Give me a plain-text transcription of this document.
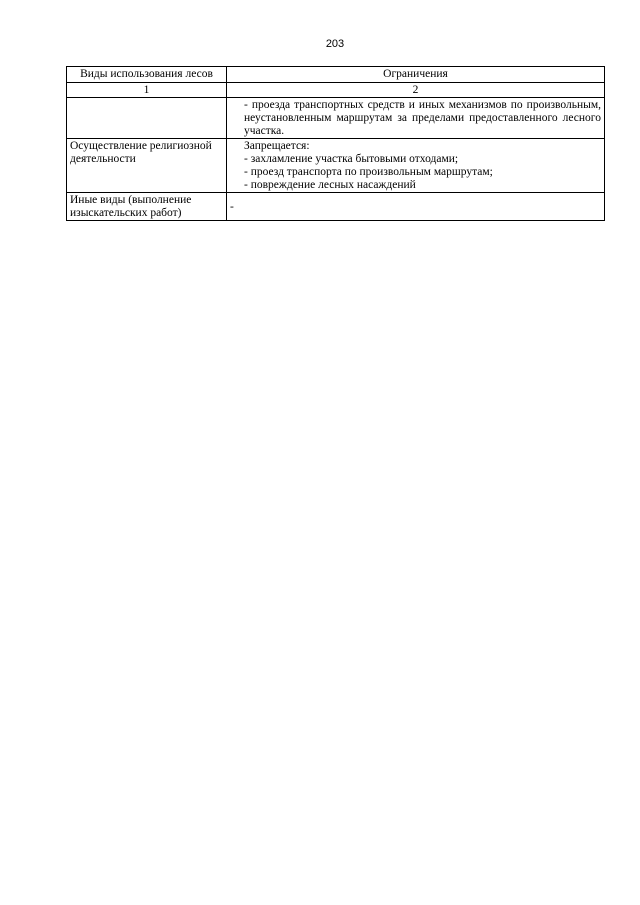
203
Виды использования лесов	Ограничения
1	2

	- проезда транспортных средств и иных механизмов по произвольным, неустановленным маршрутам за пределами предоставленного лесного участка.

Осуществление религиозной деятельности	Запрещается:
- захламление участка бытовыми отходами;
- проезд транспорта по произвольным маршрутам;
- повреждение лесных насаждений

Иные виды (выполнение изыскательских работ)	-
